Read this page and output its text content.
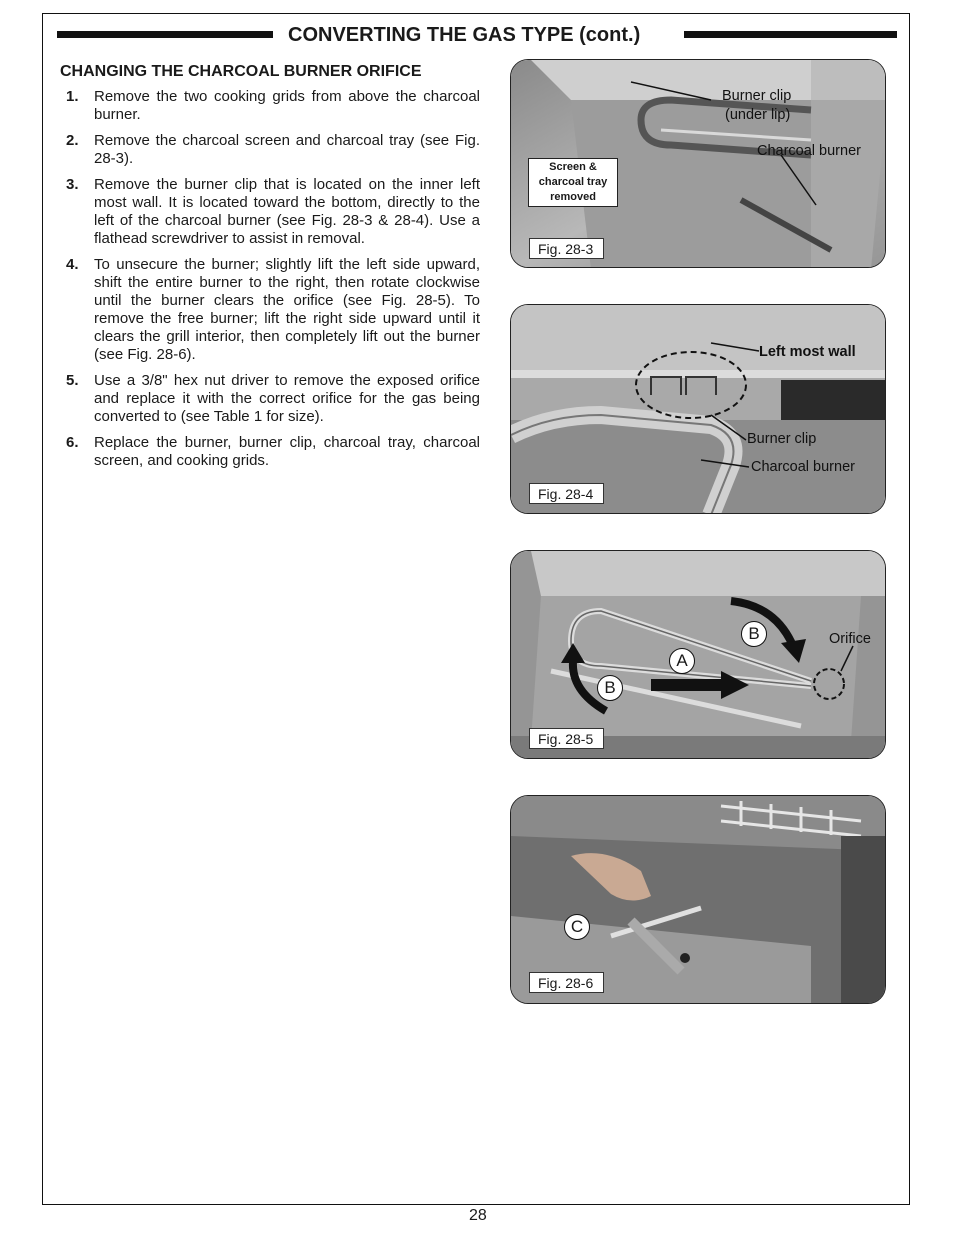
CONVERTING THE GAS TYPE (cont.)
CHANGING THE CHARCOAL BURNER ORIFICE
1. Remove the two cooking grids from above the charcoal burner.
2. Remove the charcoal screen and charcoal tray (see Fig. 28-3).
3. Remove the burner clip that is located on the inner left most wall. It is located toward the bottom, directly to the left of the charcoal burner (see Fig. 28-3 & 28-4). Use a flathead screwdriver to assist in removal.
4. To unsecure the burner; slightly lift the left side upward, shift the entire burner to the right, then rotate clockwise until the burner clears the orifice (see Fig. 28-5). To remove the free burner; lift the right side upward until it clears the grill interior, then completely lift out the burner (see Fig. 28-6).
5. Use a 3/8" hex nut driver to remove the exposed orifice and replace it with the correct orifice for the gas being converted to (see Table 1 for size).
6. Replace the burner, burner clip, charcoal tray, charcoal screen, and cooking grids.
Burner clip
(under lip)
Charcoal burner
Screen &
charcoal tray
removed
Fig. 28-3
Left most wall
Burner clip
Charcoal burner
Fig. 28-4
Orifice
A
B
B
Fig. 28-5
C
Fig. 28-6
28
